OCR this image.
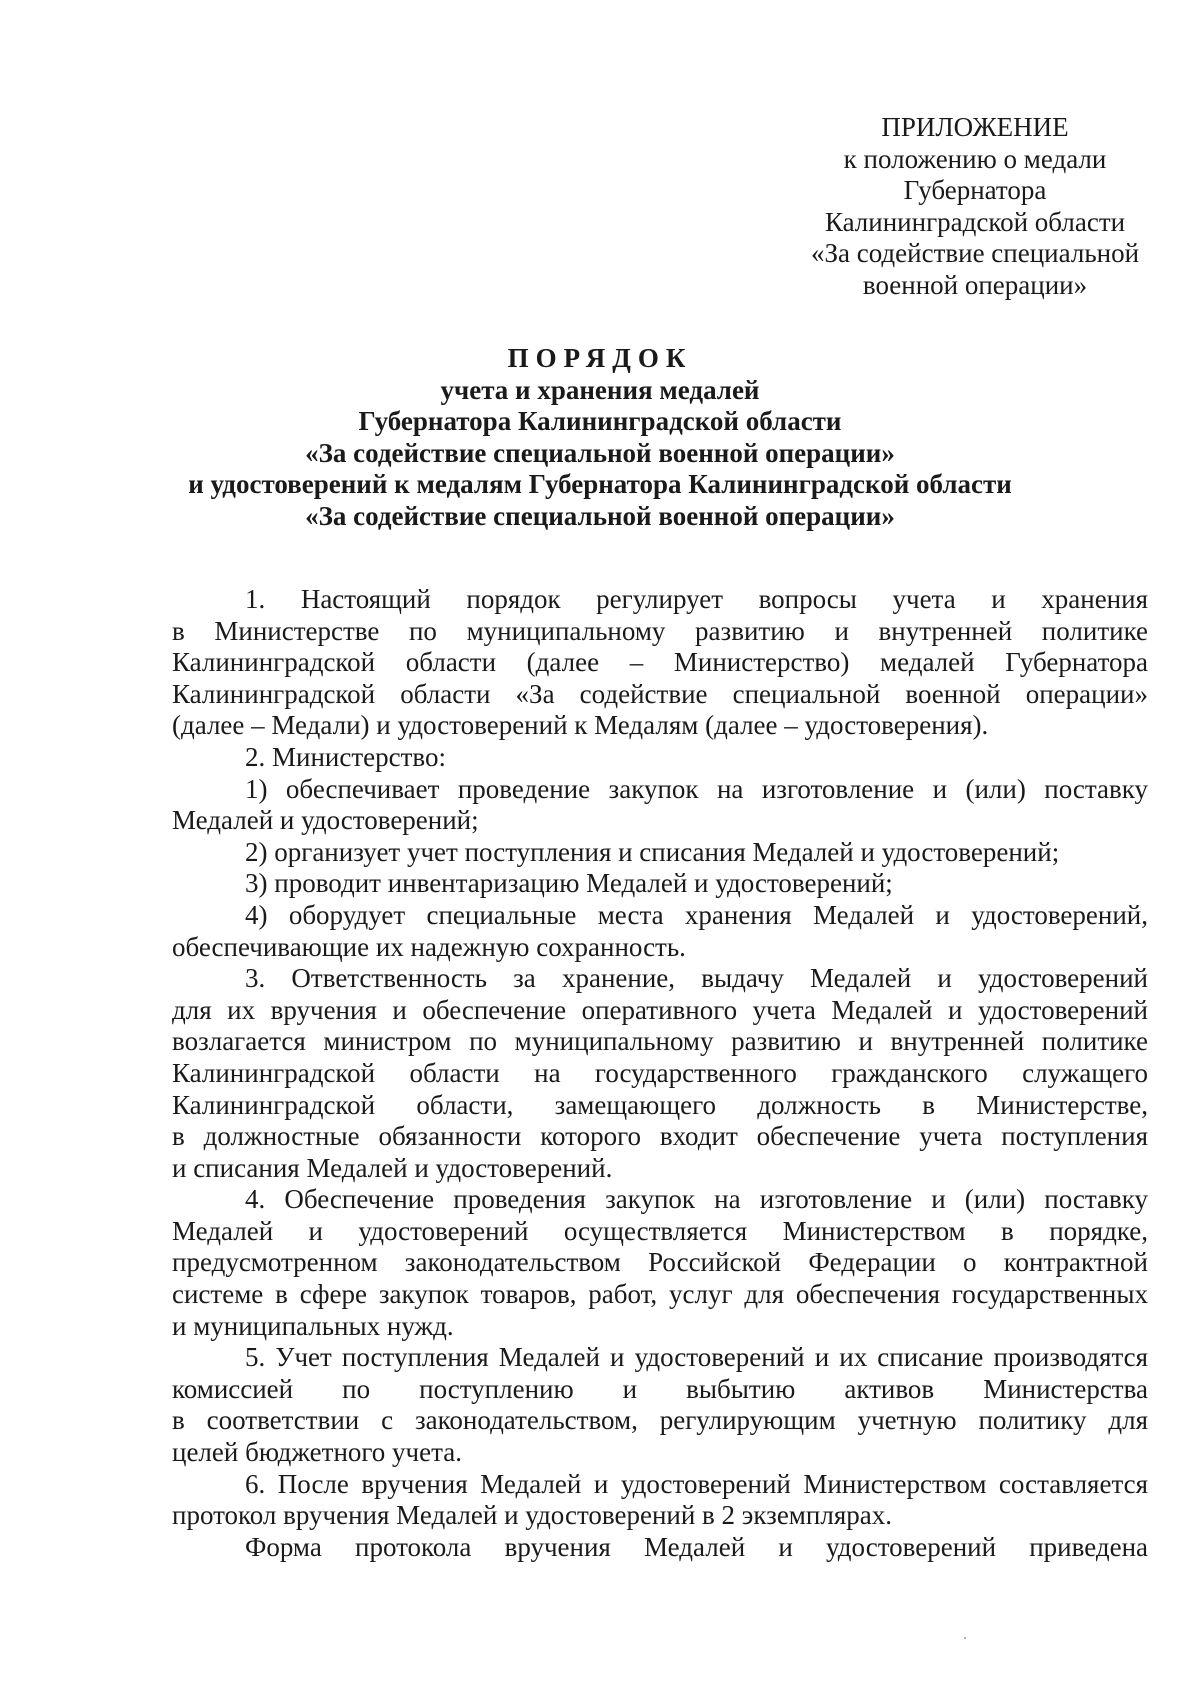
ПРИЛОЖЕНИЕ
к положению о медали
Губернатора
Калининградской области
«За содействие специальной
военной операции»
ПОРЯДОК
учета и хранения медалей
Губернатора Калининградской области
«За содействие специальной военной операции»
и удостоверений к медалям Губернатора Калининградской области
«За содействие специальной военной операции»
1. Настоящий порядок регулирует вопросы учета и хранения
в Министерстве по муниципальному развитию и внутренней политике
Калининградской области (далее – Министерство) медалей Губернатора
Калининградской области «За содействие специальной военной операции»
(далее – Медали) и удостоверений к Медалям (далее – удостоверения).
2. Министерство:
1) обеспечивает проведение закупок на изготовление и (или) поставку
Медалей и удостоверений;
2) организует учет поступления и списания Медалей и удостоверений;
3) проводит инвентаризацию Медалей и удостоверений;
4) оборудует специальные места хранения Медалей и удостоверений,
обеспечивающие их надежную сохранность.
3. Ответственность за хранение, выдачу Медалей и удостоверений
для их вручения и обеспечение оперативного учета Медалей и удостоверений
возлагается министром по муниципальному развитию и внутренней политике
Калининградской области на государственного гражданского служащего
Калининградской области, замещающего должность в Министерстве,
в должностные обязанности которого входит обеспечение учета поступления
и списания Медалей и удостоверений.
4. Обеспечение проведения закупок на изготовление и (или) поставку
Медалей и удостоверений осуществляется Министерством в порядке,
предусмотренном законодательством Российской Федерации о контрактной
системе в сфере закупок товаров, работ, услуг для обеспечения государственных
и муниципальных нужд.
5. Учет поступления Медалей и удостоверений и их списание производятся
комиссией по поступлению и выбытию активов Министерства
в соответствии с законодательством, регулирующим учетную политику для
целей бюджетного учета.
6. После вручения Медалей и удостоверений Министерством составляется
протокол вручения Медалей и удостоверений в 2 экземплярах.
Форма протокола вручения Медалей и удостоверений приведена
